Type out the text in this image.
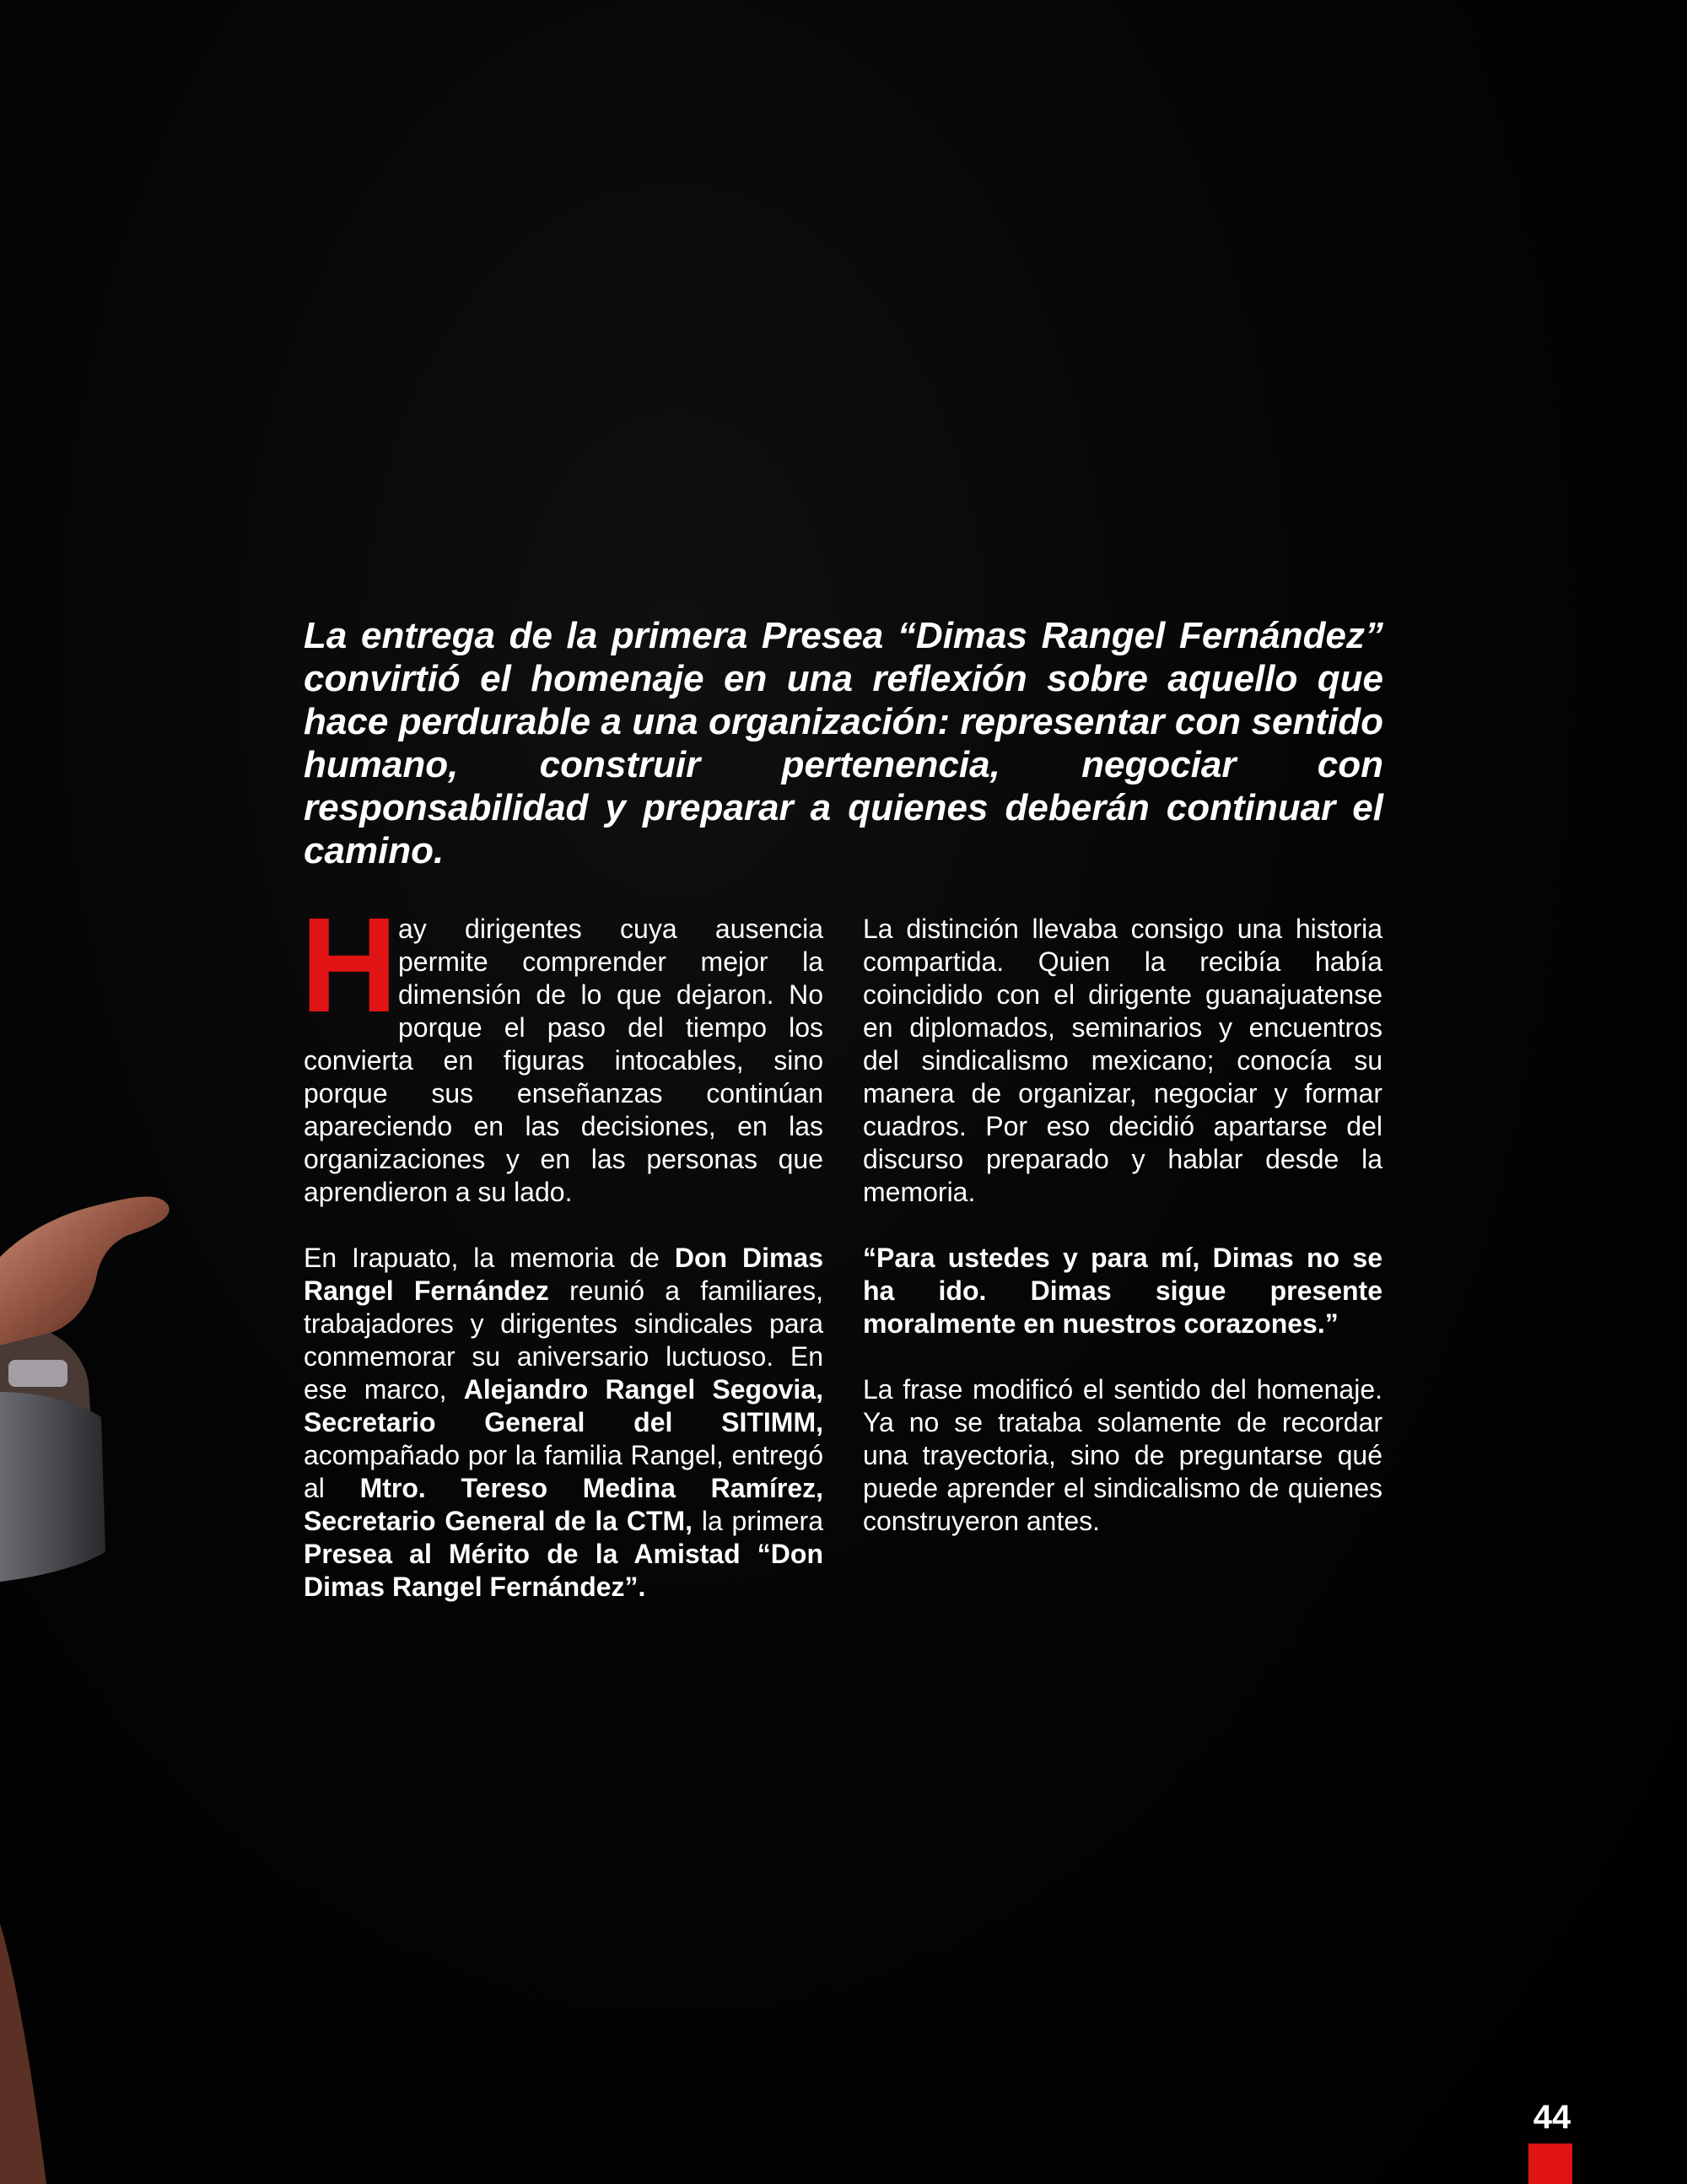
La entrega de la primera Presea “Dimas Rangel Fernández” convirtió el homenaje en una reflexión sobre aquello que hace perdurable a una organización: representar con sentido humano, construir pertenencia, negociar con responsabilidad y preparar a quienes deberán continuar el camino.

H ay dirigentes cuya ausencia permite comprender mejor la dimensión de lo que dejaron. No porque el paso del tiempo los convierta en figuras intocables, sino porque sus enseñanzas continúan apareciendo en las decisiones, en las organizaciones y en las personas que aprendieron a su lado.

En Irapuato, la memoria de Don Dimas Rangel Fernández reunió a familiares, trabajadores y dirigentes sindicales para conmemorar su aniversario luctuoso. En ese marco, Alejandro Rangel Segovia, Secretario General del SITIMM, acompañado por la familia Rangel, entregó al Mtro. Tereso Medina Ramírez, Secretario General de la CTM, la primera Presea al Mérito de la Amistad “Don Dimas Rangel Fernández”.

La distinción llevaba consigo una historia compartida. Quien la recibía había coincidido con el dirigente guanajuatense en diplomados, seminarios y encuentros del sindicalismo mexicano; conocía su manera de organizar, negociar y formar cuadros. Por eso decidió apartarse del discurso preparado y hablar desde la memoria.

“Para ustedes y para mí, Dimas no se ha ido. Dimas sigue presente moralmente en nuestros corazones.”

La frase modificó el sentido del homenaje. Ya no se trataba solamente de recordar una trayectoria, sino de preguntarse qué puede aprender el sindicalismo de quienes construyeron antes.

44
